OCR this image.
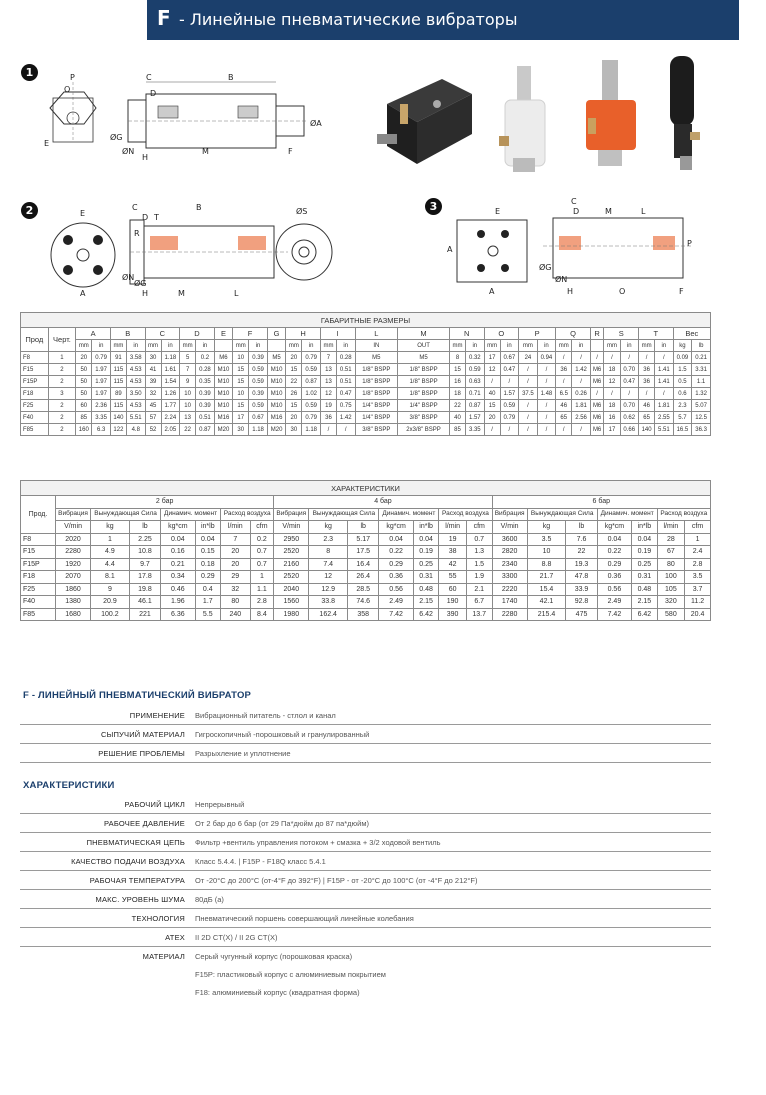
F - Линейные пневматические вибраторы
1
2	3
P
O
E
C	B
D
ØG
ØN
H
M	F
ØA
E
A
C	B
D T
R
ØN
ØG
H	M	L
ØS	E
A
A
C
D	M	L
ØG
ØN
P
H	O	F
ГАБАРИТНЫЕ РАЗМЕРЫ																																		
Прод	Черт.	A		B		C		D		E	F		G	H		I		L	M	N		O		P		Q		R	S		T		Вес	
		mm	in	mm	in	mm	in	mm	in		mm	in		mm	in	mm	in	IN	OUT	mm	in	mm	in	mm	in	mm	in		mm	in	mm	in	kg	lb
F8	1	20	0.79	91	3.58	30	1.18	5	0.2	M6	10	0.39	M5	20	0.79	7	0.28	M5	M5	8	0.32	17	0.67	24	0.94	/	/	/	/	/	/	/	0.09	0.21
F15	2	50	1.97	115	4.53	41	1.61	7	0.28	M10	15	0.59	M10	15	0.59	13	0.51	1/8" BSPP	1/8" BSPP	15	0.59	12	0.47	/	/	36	1.42	M6	18	0.70	36	1.41	1.5	3.31
F15P	2	50	1.97	115	4.53	39	1.54	9	0.35	M10	15	0.59	M10	22	0.87	13	0.51	1/8" BSPP	1/8" BSPP	16	0.63	/	/	/	/	/	/	M6	12	0.47	36	1.41	0.5	1.1
F18	3	50	1.97	89	3.50	32	1.26	10	0.39	M10	10	0.39	M10	26	1.02	12	0.47	1/8" BSPP	1/8" BSPP	18	0.71	40	1.57	37.5	1.48	6.5	0.26	/	/	/	/	/	0.6	1.32
F25	2	60	2.36	115	4.53	45	1.77	10	0.39	M10	15	0.59	M10	15	0.59	19	0.75	1/4" BSPP	1/4" BSPP	22	0.87	15	0.59	/	/	46	1.81	M6	18	0.70	46	1.81	2.3	5.07
F40	2	85	3.35	140	5.51	57	2.24	13	0.51	M16	17	0.67	M16	20	0.79	36	1.42	1/4" BSPP	3/8" BSPP	40	1.57	20	0.79	/	/	65	2.56	M6	16	0.62	65	2.55	5.7	12.5
F85	2	160	6.3	122	4.8	52	2.05	22	0.87	M20	30	1.18	M20	30	1.18	/	/	3/8" BSPP	2x3/8" BSPP	85	3.35	/	/	/	/	/	/	M6	17	0.66	140	5.51	16.5	36.3
ХАРАКТЕРИСТИКИ																					
Прод.	2 бар							4 бар							6 бар						
	Вибрация	Вынуждающая Сила		Динамич. момент		Расход воздуха		Вибрация	Вынуждающая Сила		Динамич. момент		Расход воздуха		Вибрация	Вынуждающая Сила		Динамич. момент		Расход воздуха	
	V/min	kg	lb	kg*cm	in*lb	l/min	cfm	V/min	kg	lb	kg*cm	in*lb	l/min	cfm	V/min	kg	lb	kg*cm	in*lb	l/min	cfm
F8	2020	1	2.25	0.04	0.04	7	0.2	2950	2.3	5.17	0.04	0.04	19	0.7	3600	3.5	7.6	0.04	0.04	28	1
F15	2280	4.9	10.8	0.16	0.15	20	0.7	2520	8	17.5	0.22	0.19	38	1.3	2820	10	22	0.22	0.19	67	2.4
F15P	1920	4.4	9.7	0.21	0.18	20	0.7	2160	7.4	16.4	0.29	0.25	42	1.5	2340	8.8	19.3	0.29	0.25	80	2.8
F18	2070	8.1	17.8	0.34	0.29	29	1	2520	12	26.4	0.36	0.31	55	1.9	3300	21.7	47.8	0.36	0.31	100	3.5
F25	1860	9	19.8	0.46	0.4	32	1.1	2040	12.9	28.5	0.56	0.48	60	2.1	2220	15.4	33.9	0.56	0.48	105	3.7
F40	1380	20.9	46.1	1.96	1.7	80	2.8	1560	33.8	74.6	2.49	2.15	190	6.7	1740	42.1	92.8	2.49	2.15	320	11.2
F85	1680	100.2	221	6.36	5.5	240	8.4	1980	162.4	358	7.42	6.42	390	13.7	2280	215.4	475	7.42	6.42	580	20.4
F - ЛИНЕЙНЫЙ ПНЕВМАТИЧЕСКИЙ ВИБРАТОР
ПРИМЕНЕНИЕ Вибрационный питатель - стлол и канал
СЫПУЧИЙ МАТЕРИАЛ Гигроскопичный -порошковый и гранулированный
РЕШЕНИЕ ПРОБЛЕМЫ Разрыхление и уплотнение
ХАРАКТЕРИСТИКИ
РАБОЧИЙ ЦИКЛ Непрерывный
РАБОЧЕЕ ДАВЛЕНИЕ От 2 бар до 6 бар (от 29 Па*дюйм до 87 па*дюйм)
ПНЕВМАТИЧЕСКАЯ ЦЕПЬ Фильтр +вентиль управления потоком + смазка + 3/2 ходовой вентиль
КАЧЕСТВО ПОДАЧИ ВОЗДУХА Класс 5.4.4. | F15P - F18Q класс 5.4.1
РАБОЧАЯ ТЕМПЕРАТУРА От -20°C до 200°C (от-4°F до 392°F) | F15P - от -20°C до 100°C (от -4°F до 212°F)
МАКС. УРОВЕНЬ ШУМА 80дБ (а)
ТЕХНОЛОГИЯ Пневматический поршень совершающий линейные колебания
ATEX II 2D CT(X) / II 2G CT(X)
МАТЕРИАЛ Серый чугунный корпус (порошковая краска)
F15P: пластиковый корпус с алюминиевым покрытием
F18: алюминиевый корпус (квадратная форма)
